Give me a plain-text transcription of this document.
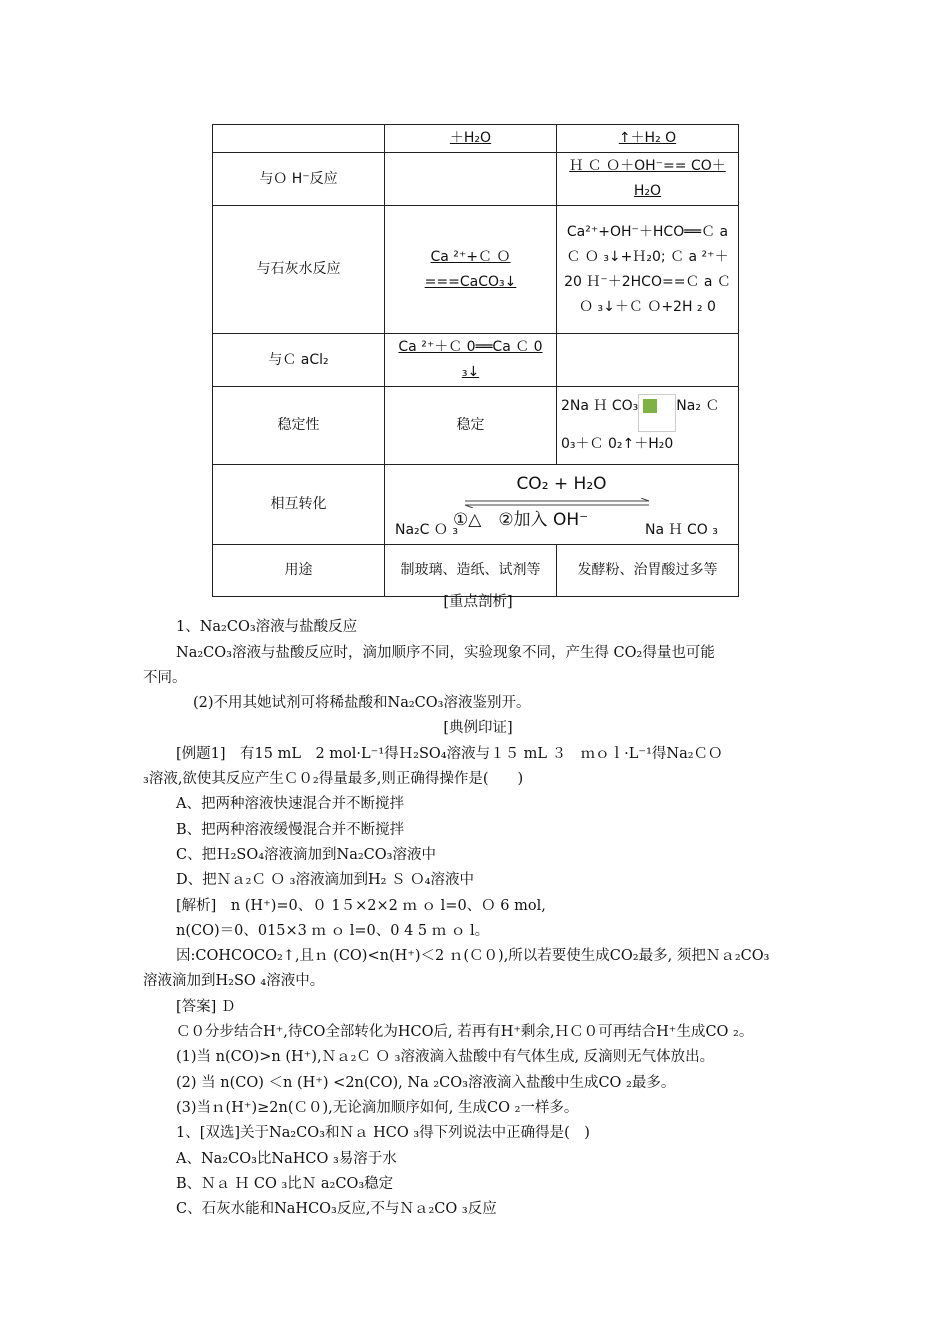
	＋H₂O	↑＋H₂ O
与Ｏ H⁻反应		Ｈ Ｃ Ｏ＋OH⁻== CO＋H₂O
与石灰水反应	Ca ²⁺+Ｃ Ｏ===CaCO₃↓	Ca²⁺+OH⁻＋HCO══Ｃ a Ｃ Ｏ ₃↓+Ｈ₂0; Ｃ a ²⁺＋20 Ｈ⁻＋2HCO==Ｃ a Ｃ Ｏ ₃↓＋Ｃ Ｏ+2H ₂ 0
与Ｃ aCl₂	Ca ²⁺＋Ｃ 0══Ca Ｃ 0 ₃↓	
稳定性	稳定	2Na Ｈ CO₃ Na₂ Ｃ 0₃＋Ｃ 0₂↑＋H₂0

相互转化	CO₂ + H₂O
①△　②加入 OH⁻
Na₂C Ｏ ₃ Na Ｈ CO ₃	

用途	制玻璃、造纸、试剂等	发酵粉、治胃酸过多等

[重点剖析]

1、Na₂CO₃溶液与盐酸反应

Na₂CO₃溶液与盐酸反应时，滴加顺序不同，实验现象不同，产生得 CO₂得量也可能

不同。

(2)不用其她试剂可将稀盐酸和Na₂CO₃溶液鉴别开。

[典例印证]

[例题1]　有15 mL　2 mol·L⁻¹得Ｈ₂SO₄溶液与１５ mL ３　ｍｏｌ·L⁻¹得Na₂ＣＯ

₃溶液,欲使其反应产生Ｃ０₂得量最多,则正确得操作是(　　)

A、把两种溶液快速混合并不断搅拌

B、把两种溶液缓慢混合并不断搅拌

C、把Ｈ₂SO₄溶液滴加到Na₂CO₃溶液中

D、把Ｎａ₂Ｃ Ｏ ₃溶液滴加到H₂ Ｓ Ｏ₄溶液中

[解析]　n (H⁺)=0、０ 1５×2×2 ｍ ｏ l=0、Ｏ 6 mol,

n(CO)＝0、015×3 ｍ ｏ l=0、0 4 5 ｍ ｏ l。

因:COHCOCO₂↑,且ｎ (CO)<n(H⁺)＜2 ｎ(Ｃ０),所以若要使生成CO₂最多, 须把Ｎａ₂CO₃

溶液滴加到H₂SO ₄溶液中。

[答案] Ｄ

Ｃ０分步结合H⁺,待CO全部转化为HCO后, 若再有H⁺剩余,ＨＣ０可再结合H⁺生成CO ₂。

(1)当 n(CO)>n (H⁺),Ｎａ₂Ｃ Ｏ ₃溶液滴入盐酸中有气体生成, 反滴则无气体放出。

(2) 当 n(CO) ＜n (H⁺) <2n(CO), Na ₂CO₃溶液滴入盐酸中生成CO ₂最多。

(3)当ｎ(H⁺)≥2n(Ｃ０),无论滴加顺序如何, 生成CO ₂一样多。

1、[双选]关于Na₂CO₃和Ｎａ HCO ₃得下列说法中正确得是(　)

A、Na₂CO₃比NaHCO ₃易溶于水

B、Ｎａ Ｈ CO ₃比Ｎ a₂CO₃稳定

C、石灰水能和NaHCO₃反应,不与Ｎａ₂CO ₃反应
